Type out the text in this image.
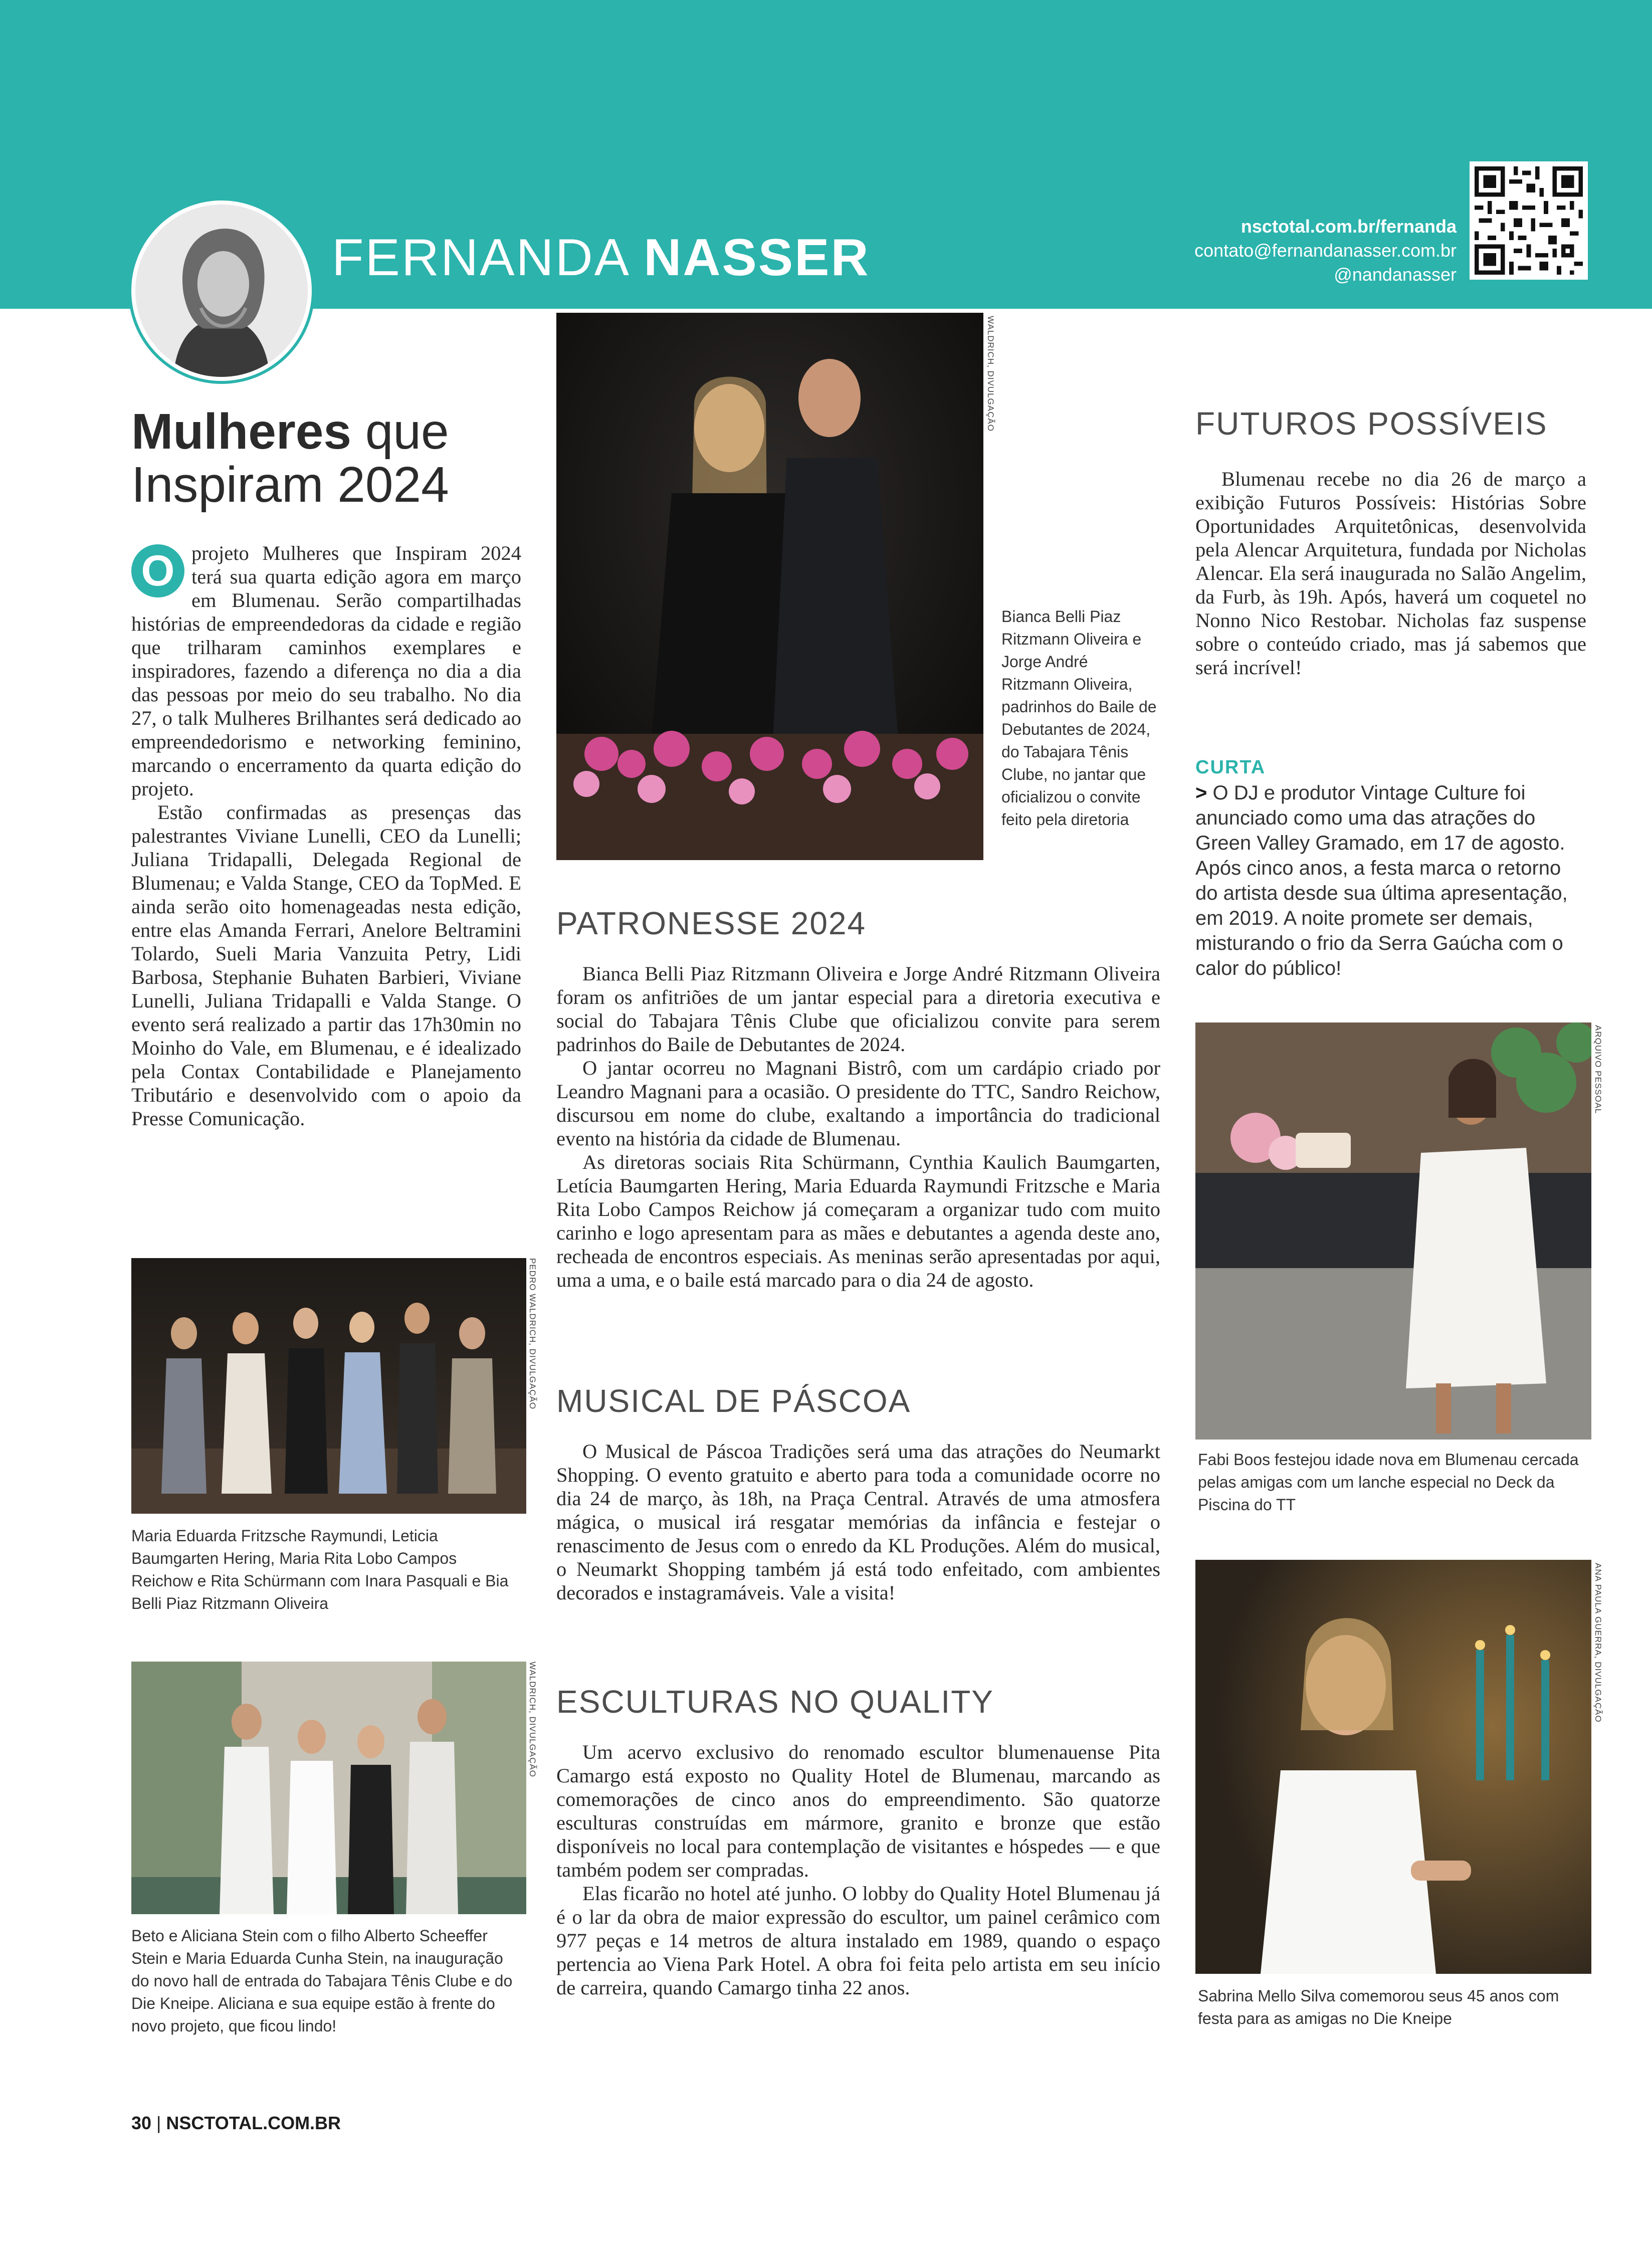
FERNANDA NASSER
nsctotal.com.br/fernanda
contato@fernandanasser.com.br
@nandanasser
Mulheres que
Inspiram 2024
O projeto Mulheres que Inspiram 2024 terá sua quarta edição agora em março em Blumenau. Serão compartilhadas histórias de empreendedoras da cidade e região que trilharam caminhos exemplares e inspiradores, fazendo a diferença no dia a dia das pessoas por meio do seu trabalho. No dia 27, o talk Mulheres Brilhantes será dedicado ao empreendedorismo e networking feminino, marcando o encerramento da quarta edição do projeto.

Estão confirmadas as presenças das palestrantes Viviane Lunelli, CEO da Lunelli; Juliana Tridapalli, Delegada Regional de Blumenau; e Valda Stange, CEO da TopMed. E ainda serão oito homenageadas nesta edição, entre elas Amanda Ferrari, Anelore Beltramini Tolardo, Sueli Maria Vanzuita Petry, Lidi Barbosa, Stephanie Buhaten Barbieri, Viviane Lunelli, Juliana Tridapalli e Valda Stange. O evento será realizado a partir das 17h30min no Moinho do Vale, em Blumenau, e é idealizado pela Contax Contabilidade e Planejamento Tributário e desenvolvido com o apoio da Presse Comunicação.

PEDRO WALDRICH, DIVULGAÇÃO
Maria Eduarda Fritzsche Raymundi, Leticia Baumgarten Hering, Maria Rita Lobo Campos Reichow e Rita Schürmann com Inara Pasquali e Bia Belli Piaz Ritzmann Oliveira
WALDRICH, DIVULGAÇÃO
Beto e Aliciana Stein com o filho Alberto Scheeffer Stein e Maria Eduarda Cunha Stein, na inauguração do novo hall de entrada do Tabajara Tênis Clube e do Die Kneipe. Aliciana e sua equipe estão à frente do novo projeto, que ficou lindo!
WALDRICH, DIVULGAÇÃO
Bianca Belli Piaz Ritzmann Oliveira e Jorge André Ritzmann Oliveira, padrinhos do Baile de Debutantes de 2024, do Tabajara Tênis Clube, no jantar que oficializou o convite feito pela diretoria
PATRONESSE 2024

Bianca Belli Piaz Ritzmann Oliveira e Jorge André Ritzmann Oliveira foram os anfitriões de um jantar especial para a diretoria executiva e social do Tabajara Tênis Clube que oficializou convite para serem padrinhos do Baile de Debutantes de 2024.

O jantar ocorreu no Magnani Bistrô, com um cardápio criado por Leandro Magnani para a ocasião. O presidente do TTC, Sandro Reichow, discursou em nome do clube, exaltando a importância do tradicional evento na história da cidade de Blumenau.

As diretoras sociais Rita Schürmann, Cynthia Kaulich Baumgarten, Letícia Baumgarten Hering, Maria Eduarda Raymundi Fritzsche e Maria Rita Lobo Campos Reichow já começaram a organizar tudo com muito carinho e logo apresentam para as mães e debutantes a agenda deste ano, recheada de encontros especiais. As meninas serão apresentadas por aqui, uma a uma, e o baile está marcado para o dia 24 de agosto.

MUSICAL DE PÁSCOA

O Musical de Páscoa Tradições será uma das atrações do Neumarkt Shopping. O evento gratuito e aberto para toda a comunidade ocorre no dia 24 de março, às 18h, na Praça Central. Através de uma atmosfera mágica, o musical irá resgatar memórias da infância e festejar o renascimento de Jesus com o enredo da KL Produções. Além do musical, o Neumarkt Shopping também já está todo enfeitado, com ambientes decorados e instagramáveis. Vale a visita!

ESCULTURAS NO QUALITY

Um acervo exclusivo do renomado escultor blumenauense Pita Camargo está exposto no Quality Hotel de Blumenau, marcando as comemorações de cinco anos do empreendimento. São quatorze esculturas construídas em mármore, granito e bronze que estão disponíveis no local para contemplação de visitantes e hóspedes — e que também podem ser compradas.

Elas ficarão no hotel até junho. O lobby do Quality Hotel Blumenau já é o lar da obra de maior expressão do escultor, um painel cerâmico com 977 peças e 14 metros de altura instalado em 1989, quando o espaço pertencia ao Viena Park Hotel. A obra foi feita pelo artista em seu início de carreira, quando Camargo tinha 22 anos.

FUTUROS POSSÍVEIS

Blumenau recebe no dia 26 de março a exibição Futuros Possíveis: Histórias Sobre Oportunidades Arquitetônicas, desenvolvida pela Alencar Arquitetura, fundada por Nicholas Alencar. Ela será inaugurada no Salão Angelim, da Furb, às 19h. Após, haverá um coquetel no Nonno Nico Restobar. Nicholas faz suspense sobre o conteúdo criado, mas já sabemos que será incrível!

CURTA
> O DJ e produtor Vintage Culture foi anunciado como uma das atrações do Green Valley Gramado, em 17 de agosto. Após cinco anos, a festa marca o retorno do artista desde sua última apresentação, em 2019. A noite promete ser demais, misturando o frio da Serra Gaúcha com o calor do público!
ARQUIVO PESSOAL
Fabi Boos festejou idade nova em Blumenau cercada pelas amigas com um lanche especial no Deck da Piscina do TT
ANA PAULA GUERRA, DIVULGAÇÃO
Sabrina Mello Silva comemorou seus 45 anos com festa para as amigas no Die Kneipe
30 | NSCTOTAL.COM.BR
